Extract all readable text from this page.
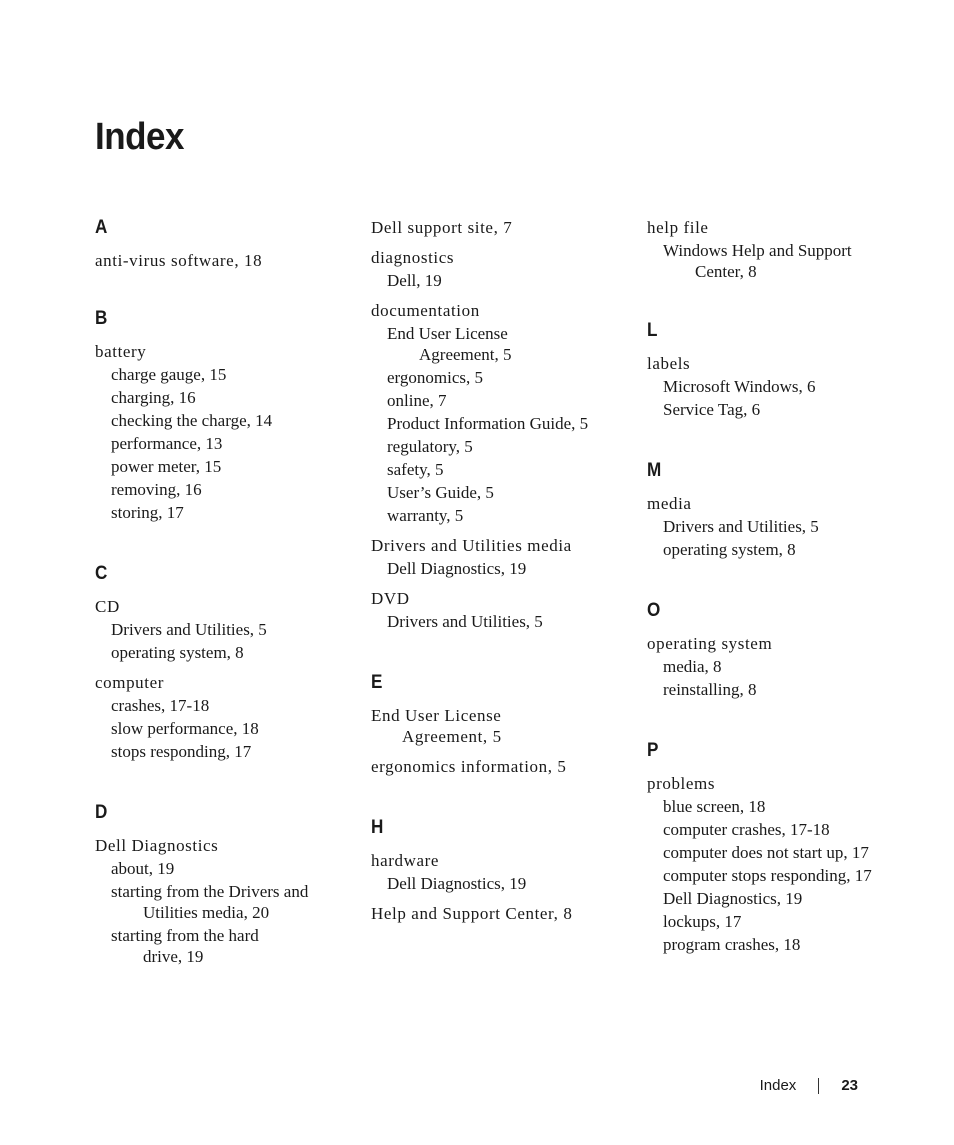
Index
A
anti-virus software, 18
B
battery
charge gauge, 15
charging, 16
checking the charge, 14
performance, 13
power meter, 15
removing, 16
storing, 17
C
CD
Drivers and Utilities, 5
operating system, 8
computer
crashes, 17-18
slow performance, 18
stops responding, 17
D
Dell Diagnostics
about, 19
starting from the Drivers and
Utilities media, 20
starting from the hard
drive, 19
Dell support site, 7
diagnostics
Dell, 19
documentation
End User License
Agreement, 5
ergonomics, 5
online, 7
Product Information Guide, 5
regulatory, 5
safety, 5
User’s Guide, 5
warranty, 5
Drivers and Utilities media
Dell Diagnostics, 19
DVD
Drivers and Utilities, 5
E
End User License
Agreement, 5
ergonomics information, 5
H
hardware
Dell Diagnostics, 19
Help and Support Center, 8
help file
Windows Help and Support
Center, 8
L
labels
Microsoft Windows, 6
Service Tag, 6
M
media
Drivers and Utilities, 5
operating system, 8
O
operating system
media, 8
reinstalling, 8
P
problems
blue screen, 18
computer crashes, 17-18
computer does not start up, 17
computer stops responding, 17
Dell Diagnostics, 19
lockups, 17
program crashes, 18
Index	23
